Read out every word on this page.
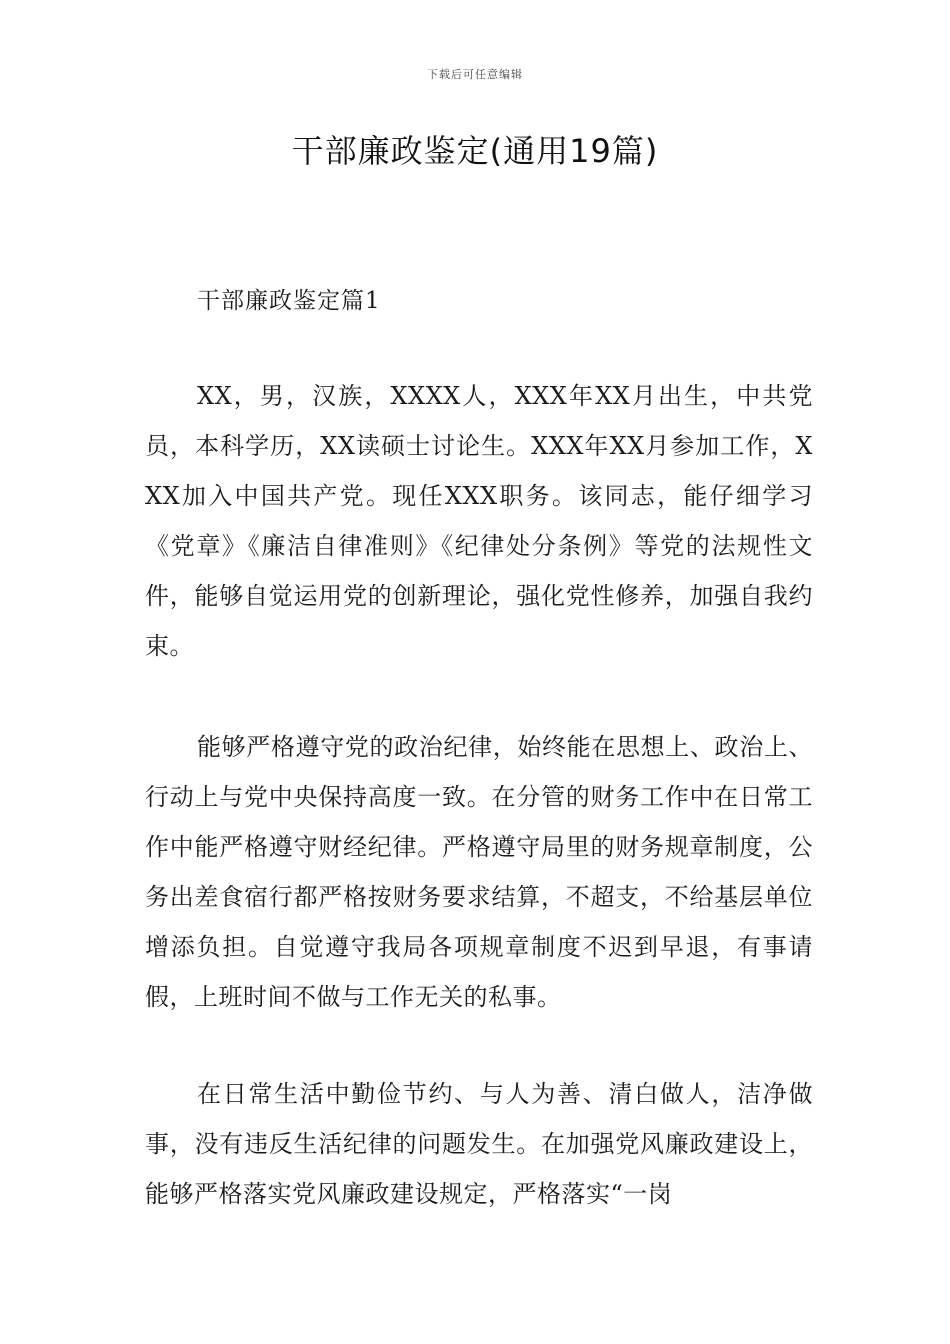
下载后可任意编辑
干部廉政鉴定(通用19篇)
干部廉政鉴定篇1

XX，男，汉族，XXXX人，XXX年XX月出生，中共党员，本科学历，XX读硕士讨论生。XXX年XX月参加工作，XXX加入中国共产党。现任XXX职务。该同志，能仔细学习《党章》《廉洁自律准则》《纪律处分条例》等党的法规性文件，能够自觉运用党的创新理论，强化党性修养，加强自我约束。

能够严格遵守党的政治纪律，始终能在思想上、政治上、行动上与党中央保持高度一致。在分管的财务工作中在日常工作中能严格遵守财经纪律。严格遵守局里的财务规章制度，公务出差食宿行都严格按财务要求结算，不超支，不给基层单位增添负担。自觉遵守我局各项规章制度不迟到早退，有事请假，上班时间不做与工作无关的私事。

在日常生活中勤俭节约、与人为善、清白做人，洁净做事，没有违反生活纪律的问题发生。在加强党风廉政建设上，能够严格落实党风廉政建设规定，严格落实“一岗
